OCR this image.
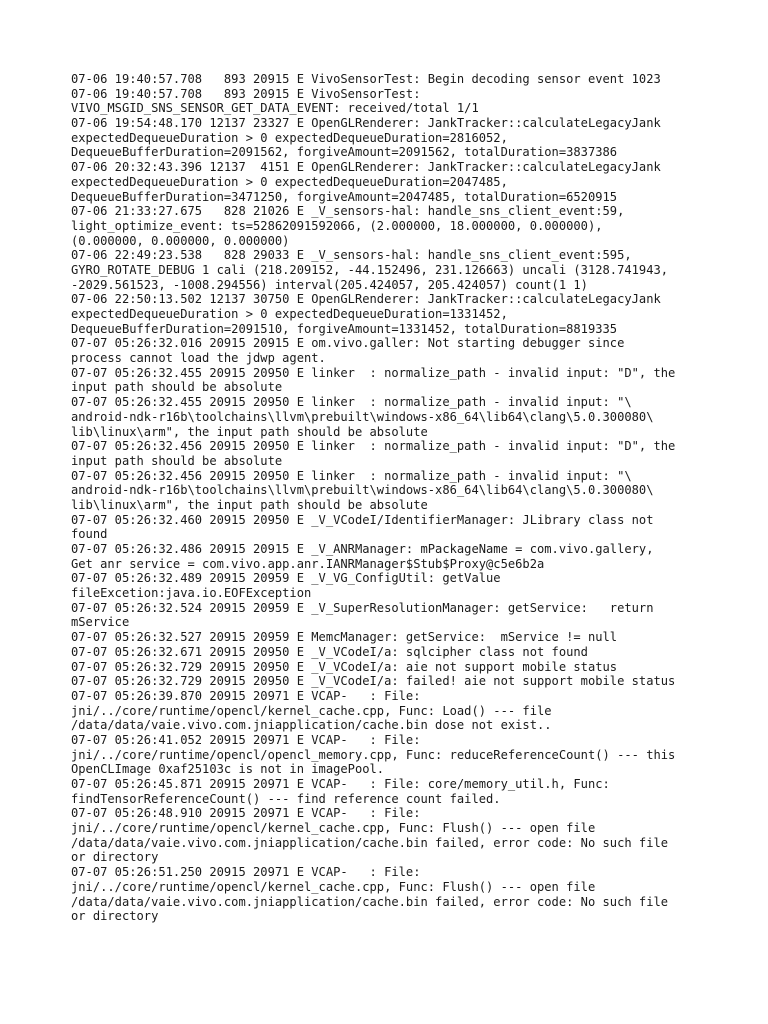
07-06 19:40:57.708   893 20915 E VivoSensorTest: Begin decoding sensor event 1023
07-06 19:40:57.708   893 20915 E VivoSensorTest:
VIVO_MSGID_SNS_SENSOR_GET_DATA_EVENT: received/total 1/1
07-06 19:54:48.170 12137 23327 E OpenGLRenderer: JankTracker::calculateLegacyJank
expectedDequeueDuration > 0 expectedDequeueDuration=2816052,
DequeueBufferDuration=2091562, forgiveAmount=2091562, totalDuration=3837386
07-06 20:32:43.396 12137  4151 E OpenGLRenderer: JankTracker::calculateLegacyJank
expectedDequeueDuration > 0 expectedDequeueDuration=2047485,
DequeueBufferDuration=3471250, forgiveAmount=2047485, totalDuration=6520915
07-06 21:33:27.675   828 21026 E _V_sensors-hal: handle_sns_client_event:59,
light_optimize_event: ts=52862091592066, (2.000000, 18.000000, 0.000000),
(0.000000, 0.000000, 0.000000)
07-06 22:49:23.538   828 29033 E _V_sensors-hal: handle_sns_client_event:595,
GYRO_ROTATE_DEBUG 1 cali (218.209152, -44.152496, 231.126663) uncali (3128.741943,
-2029.561523, -1008.294556) interval(205.424057, 205.424057) count(1 1)
07-06 22:50:13.502 12137 30750 E OpenGLRenderer: JankTracker::calculateLegacyJank
expectedDequeueDuration > 0 expectedDequeueDuration=1331452,
DequeueBufferDuration=2091510, forgiveAmount=1331452, totalDuration=8819335
07-07 05:26:32.016 20915 20915 E om.vivo.galler: Not starting debugger since
process cannot load the jdwp agent.
07-07 05:26:32.455 20915 20950 E linker  : normalize_path - invalid input: "D", the
input path should be absolute
07-07 05:26:32.455 20915 20950 E linker  : normalize_path - invalid input: "\
android-ndk-r16b\toolchains\llvm\prebuilt\windows-x86_64\lib64\clang\5.0.300080\
lib\linux\arm", the input path should be absolute
07-07 05:26:32.456 20915 20950 E linker  : normalize_path - invalid input: "D", the
input path should be absolute
07-07 05:26:32.456 20915 20950 E linker  : normalize_path - invalid input: "\
android-ndk-r16b\toolchains\llvm\prebuilt\windows-x86_64\lib64\clang\5.0.300080\
lib\linux\arm", the input path should be absolute
07-07 05:26:32.460 20915 20950 E _V_VCodeI/IdentifierManager: JLibrary class not
found
07-07 05:26:32.486 20915 20915 E _V_ANRManager: mPackageName = com.vivo.gallery,
Get anr service = com.vivo.app.anr.IANRManager$Stub$Proxy@c5e6b2a
07-07 05:26:32.489 20915 20959 E _V_VG_ConfigUtil: getValue
fileExcetion:java.io.EOFException
07-07 05:26:32.524 20915 20959 E _V_SuperResolutionManager: getService:   return
mService
07-07 05:26:32.527 20915 20959 E MemcManager: getService:  mService != null
07-07 05:26:32.671 20915 20950 E _V_VCodeI/a: sqlcipher class not found
07-07 05:26:32.729 20915 20950 E _V_VCodeI/a: aie not support mobile status
07-07 05:26:32.729 20915 20950 E _V_VCodeI/a: failed! aie not support mobile status
07-07 05:26:39.870 20915 20971 E VCAP-   : File:
jni/../core/runtime/opencl/kernel_cache.cpp, Func: Load() --- file
/data/data/vaie.vivo.com.jniapplication/cache.bin dose not exist..
07-07 05:26:41.052 20915 20971 E VCAP-   : File:
jni/../core/runtime/opencl/opencl_memory.cpp, Func: reduceReferenceCount() --- this
OpenCLImage 0xaf25103c is not in imagePool.
07-07 05:26:45.871 20915 20971 E VCAP-   : File: core/memory_util.h, Func:
findTensorReferenceCount() --- find reference count failed.
07-07 05:26:48.910 20915 20971 E VCAP-   : File:
jni/../core/runtime/opencl/kernel_cache.cpp, Func: Flush() --- open file
/data/data/vaie.vivo.com.jniapplication/cache.bin failed, error code: No such file
or directory
07-07 05:26:51.250 20915 20971 E VCAP-   : File:
jni/../core/runtime/opencl/kernel_cache.cpp, Func: Flush() --- open file
/data/data/vaie.vivo.com.jniapplication/cache.bin failed, error code: No such file
or directory
